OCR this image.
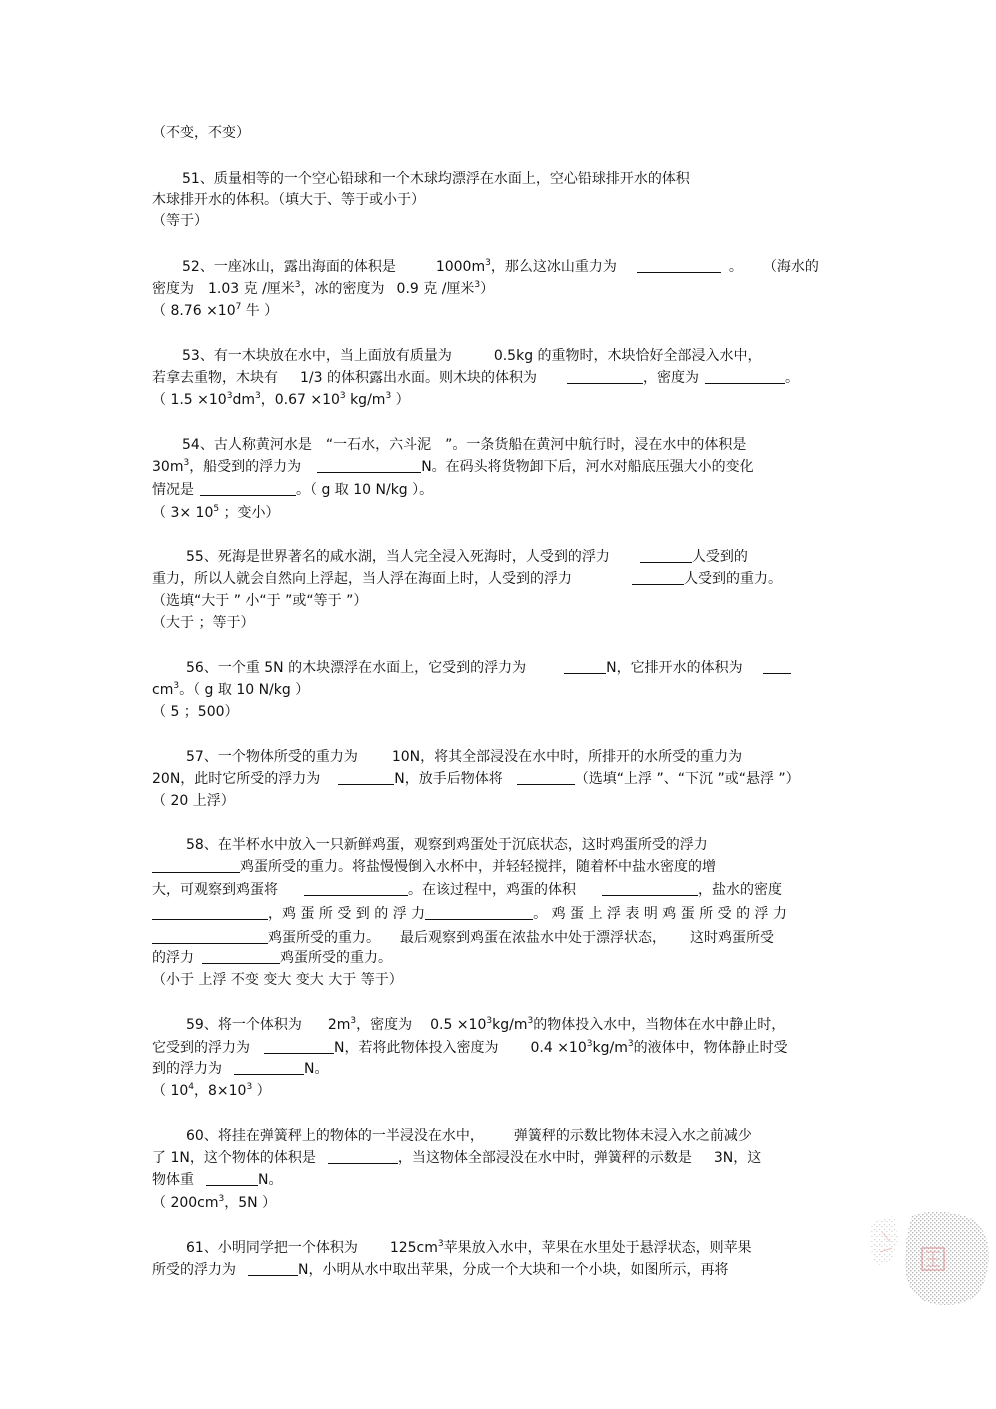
（不变，不变）
51、质量相等的一个空心铅球和一个木球均漂浮在水面上，空心铅球排开水的体积
木球排开水的体积。（填大于、等于或小于）
（等于）
52、一座冰山，露出海面的体积是	$1000m^3$，那么这冰山重力为	。 （海水的
密度为 1.03 克 /厘米$^3$，冰的密度为 0.9 克 /厘米$^3$）
（ $8.76 \times 10^7$ 牛 ）
53、有一木块放在水中，当上面放有质量为	0.5kg 的重物时，木块恰好全部浸入水中，
若拿去重物，木块有 1/3 的体积露出水面。则木块的体积为	，密度为	。
（ $1.5 \times 10^3dm^3$，$0.67 \times 10^3$ $kg/m^3$ ）
54、古人称黄河水是 “一石水，六斗泥 ”。一条货船在黄河中航行时，浸在水中的体积是
$30m^3$，船受到的浮力为	N。在码头将货物卸下后，河水对船底压强大小的变化
情况是	。（ g 取 10 N/kg ）。
（ $3\times 10^5$ ；变小）
55、死海是世界著名的咸水湖，当人完全浸入死海时，人受到的浮力	人受到的
重力，所以人就会自然向上浮起，当人浮在海面上时，人受到的浮力	人受到的重力。
（选填“大于 ” 小“于 ”或“等于 ”）
（大于 ；等于）
56、一个重 5N 的木块漂浮在水面上，它受到的浮力为	N，它排开水的体积为
$cm^3$。（ g 取 10 N/kg ）
（ 5 ；500）
57、一个物体所受的重力为 10N，将其全部浸没在水中时，所排开的水所受的重力为
20N，此时它所受的浮力为	N，放手后物体将	（选填“上浮 ”、“下沉 ”或“悬浮 ”）
（ 20 上浮）
58、在半杯水中放入一只新鲜鸡蛋，观察到鸡蛋处于沉底状态，这时鸡蛋所受的浮力
鸡蛋所受的重力。将盐慢慢倒入水杯中，并轻轻搅拌，随着杯中盐水密度的增
大，可观察到鸡蛋将	。在该过程中，鸡蛋的体积	，盐水的密度
，鸡 蛋 所 受 到 的 浮 力	。 鸡 蛋 上 浮 表 明 鸡 蛋 所 受 的 浮 力
鸡蛋所受的重力。 最后观察到鸡蛋在浓盐水中处于漂浮状态， 这时鸡蛋所受
的浮力	鸡蛋所受的重力。
（小于 上浮 不变 变大 变大 大于 等于）
59、将一个体积为 $2m^3$，密度为 $0.5 \times 10^3kg/m^3$的物体投入水中，当物体在水中静止时，
它受到的浮力为	N，若将此物体投入密度为 $0.4 \times 10^3kg/m^3$的液体中，物体静止时受
到的浮力为	N。
（ $10^4$，$8\times 10^3$ ）
60、将挂在弹簧秤上的物体的一半浸没在水中， 弹簧秤的示数比物体未浸入水之前减少
了 1N，这个物体的体积是	，当这物体全部浸没在水中时，弹簧秤的示数是 3N，这
物体重	N。
（ $200cm^3$，5N ）
61、小明同学把一个体积为 $125cm^3$苹果放入水中，苹果在水里处于悬浮状态，则苹果
所受的浮力为	N，小明从水中取出苹果，分成一个大块和一个小块，如图所示，再将
